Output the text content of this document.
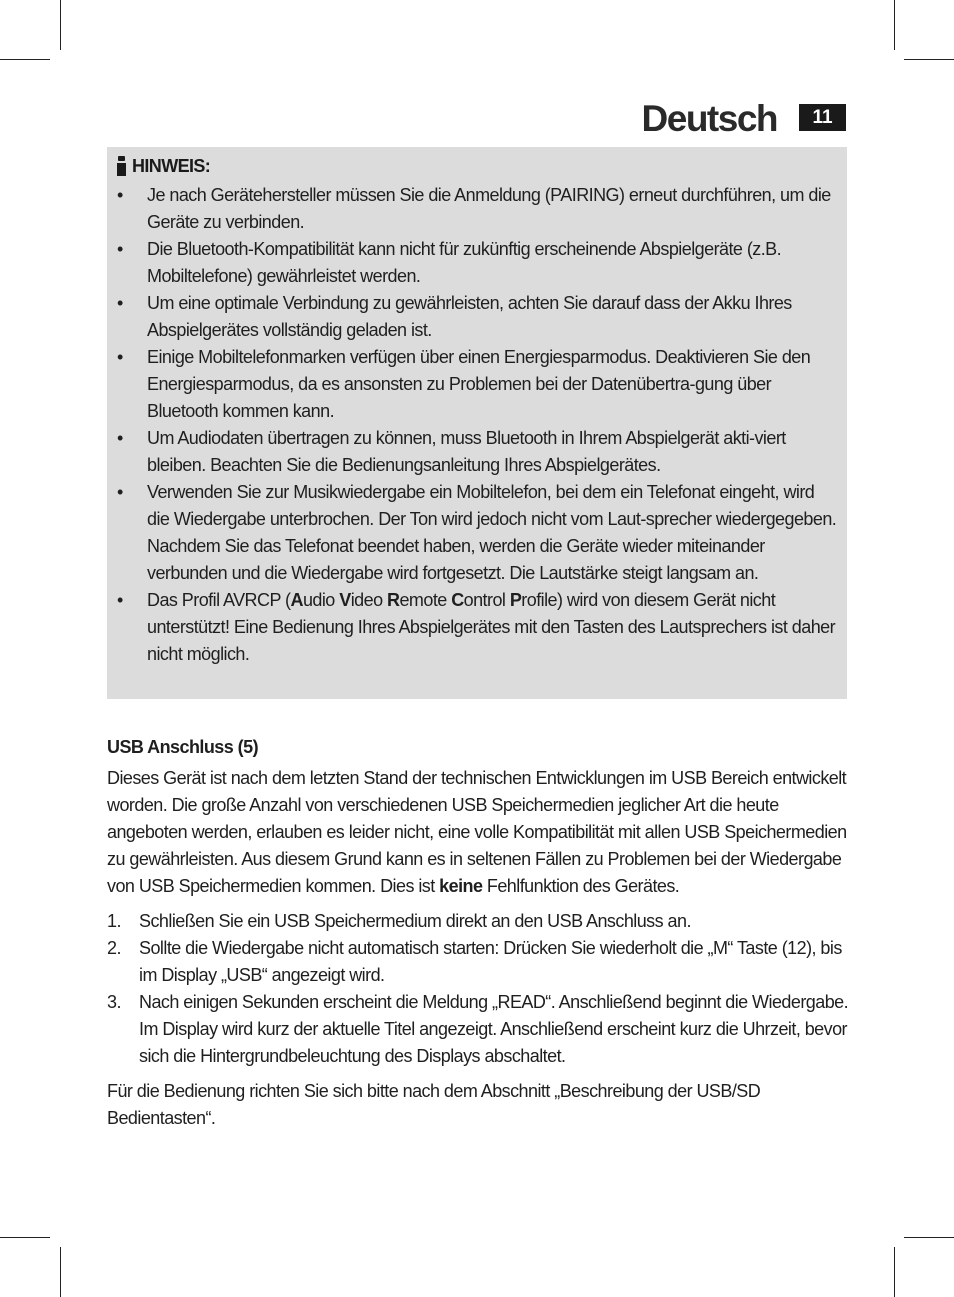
Deutsch	11
HINWEIS:
• Je nach Gerätehersteller müssen Sie die Anmeldung (PAIRING) erneut durchführen, um die Geräte zu verbinden.
• Die Bluetooth-Kompatibilität kann nicht für zukünftig erscheinende Abspielgeräte (z.B. Mobiltelefone) gewährleistet werden.
• Um eine optimale Verbindung zu gewährleisten, achten Sie darauf dass der Akku Ihres Abspielgerätes vollständig geladen ist.
• Einige Mobiltelefonmarken verfügen über einen Energiesparmodus. Deaktivieren Sie den Energiesparmodus, da es ansonsten zu Problemen bei der Datenübertra-gung über Bluetooth kommen kann.
• Um Audiodaten übertragen zu können, muss Bluetooth in Ihrem Abspielgerät akti-viert bleiben. Beachten Sie die Bedienungsanleitung Ihres Abspielgerätes.
• Verwenden Sie zur Musikwiedergabe ein Mobiltelefon, bei dem ein Telefonat eingeht, wird die Wiedergabe unterbrochen. Der Ton wird jedoch nicht vom Laut-sprecher wiedergegeben. Nachdem Sie das Telefonat beendet haben, werden die Geräte wieder miteinander verbunden und die Wiedergabe wird fortgesetzt. Die Lautstärke steigt langsam an.
• Das Profil AVRCP (Audio Video Remote Control Profile) wird von diesem Gerät nicht unterstützt! Eine Bedienung Ihres Abspielgerätes mit den Tasten des Lautsprechers ist daher nicht möglich.
USB Anschluss (5)

Dieses Gerät ist nach dem letzten Stand der technischen Entwicklungen im USB Bereich entwickelt worden. Die große Anzahl von verschiedenen USB Speichermedien jeglicher Art die heute angeboten werden, erlauben es leider nicht, eine volle Kompatibilität mit allen USB Speichermedien zu gewährleisten. Aus diesem Grund kann es in seltenen Fällen zu Problemen bei der Wiedergabe von USB Speichermedien kommen. Dies ist keine Fehlfunktion des Gerätes.

1. Schließen Sie ein USB Speichermedium direkt an den USB Anschluss an.
2. Sollte die Wiedergabe nicht automatisch starten: Drücken Sie wiederholt die „M“ Taste (12), bis im Display „USB“ angezeigt wird.
3. Nach einigen Sekunden erscheint die Meldung „READ“. Anschließend beginnt die Wiedergabe. Im Display wird kurz der aktuelle Titel angezeigt. Anschließend erscheint kurz die Uhrzeit, bevor sich die Hintergrundbeleuchtung des Displays abschaltet.

Für die Bedienung richten Sie sich bitte nach dem Abschnitt „Beschreibung der USB/SD Bedientasten“.
